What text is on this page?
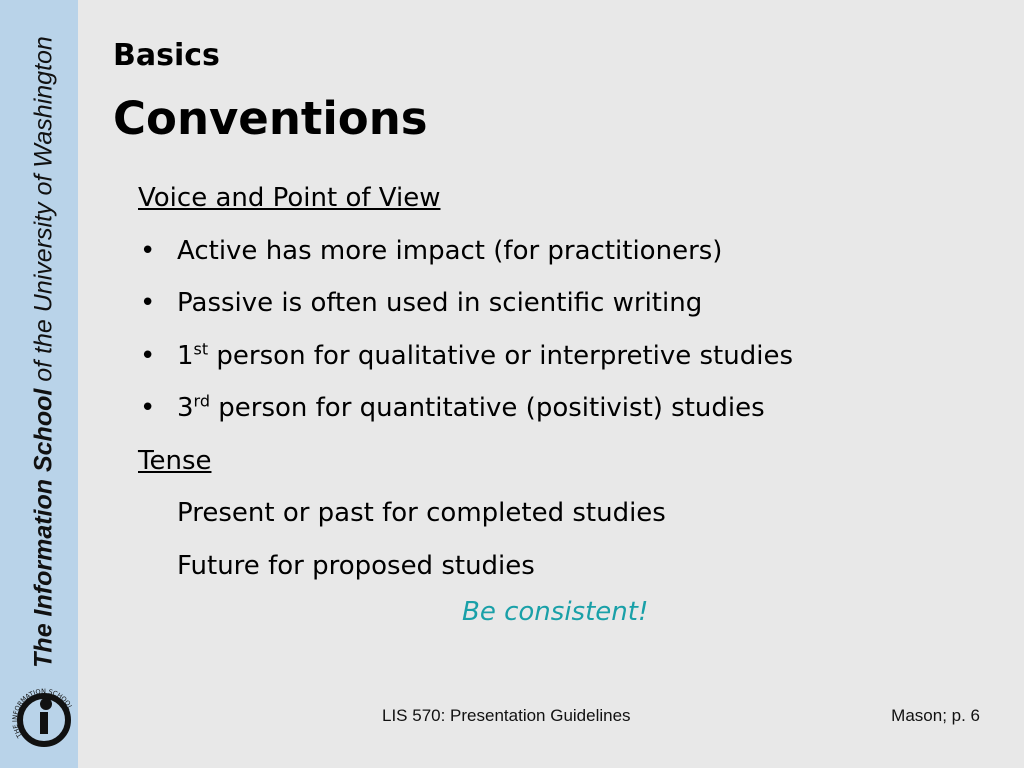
The Information School of the University of Washington
THE INFORMATION SCHOOL
Basics
Conventions
Voice and Point of View
• Active has more impact (for practitioners)
• Passive is often used in scientific writing
• 1st person for qualitative or interpretive studies
• 3rd person for quantitative (positivist) studies
Tense
Present or past for completed studies
Future for proposed studies
Be consistent!
LIS 570: Presentation Guidelines	Mason; p. 6
